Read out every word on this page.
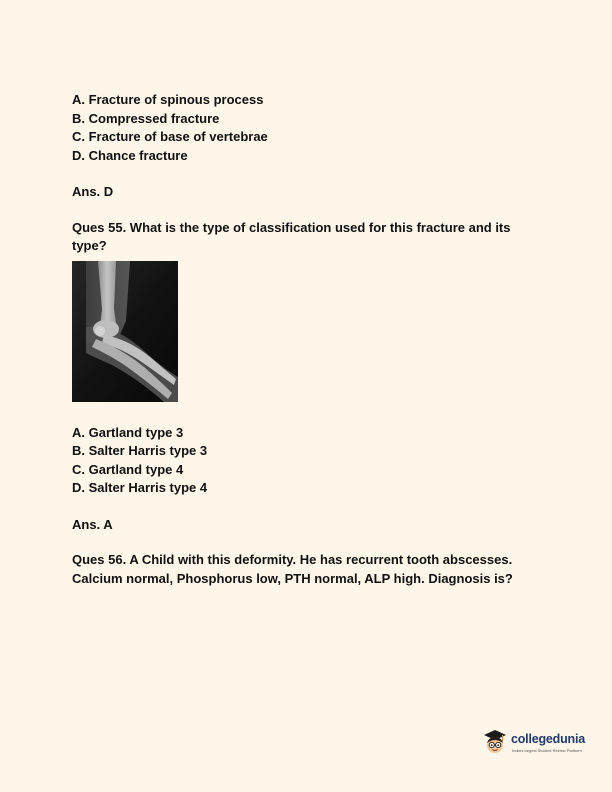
A. Fracture of spinous process

B. Compressed fracture

C. Fracture of base of vertebrae

D. Chance fracture

Ans. D

Ques 55. What is the type of classification used for this fracture and its

type?

A. Gartland type 3

B. Salter Harris type 3

C. Gartland type 4

D. Salter Harris type 4

Ans. A

Ques 56. A Child with this deformity. He has recurrent tooth abscesses.

Calcium normal, Phosphorus low, PTH normal, ALP high. Diagnosis is?

collegedunia
India's largest Student Review Platform
